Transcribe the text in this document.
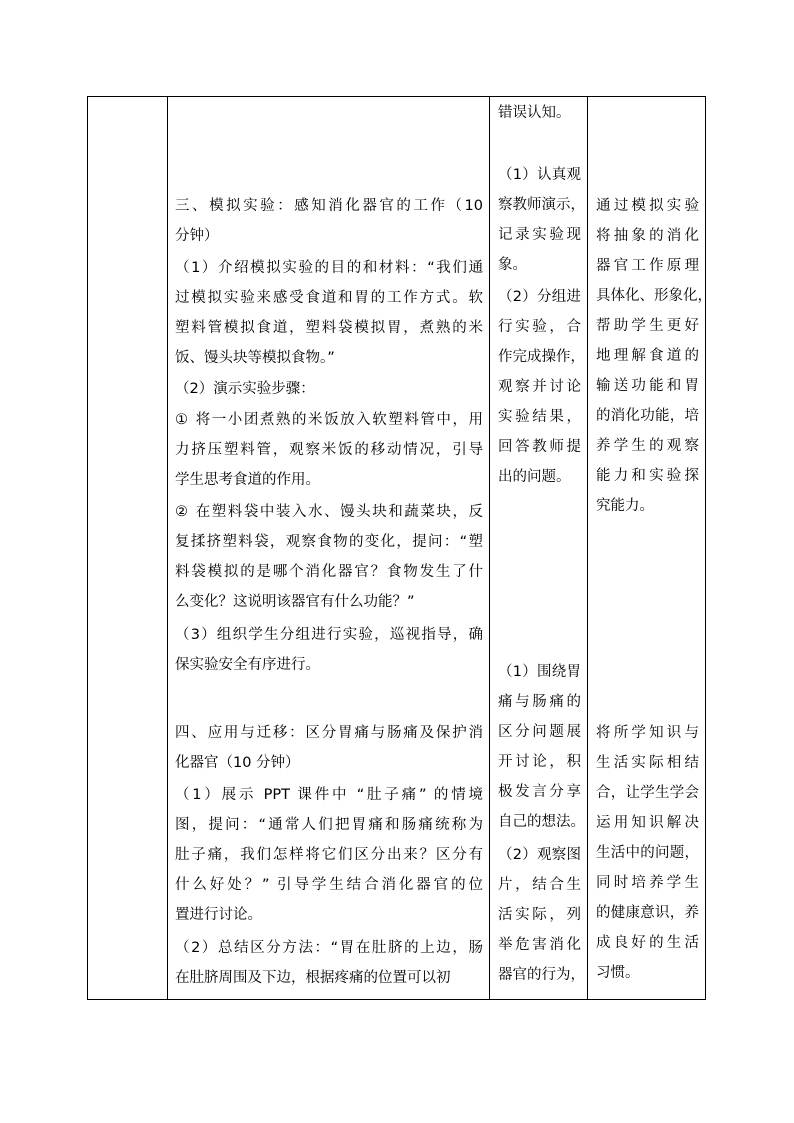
三、模拟实验：感知消化器官的工作（10
分钟）
（1）介绍模拟实验的目的和材料：“我们通
过模拟实验来感受食道和胃的工作方式。软
塑料管模拟食道，塑料袋模拟胃，煮熟的米
饭、馒头块等模拟食物。”
（2）演示实验步骤：
① 将一小团煮熟的米饭放入软塑料管中，用
力挤压塑料管，观察米饭的移动情况，引导
学生思考食道的作用。
② 在塑料袋中装入水、馒头块和蔬菜块，反
复揉挤塑料袋，观察食物的变化，提问：“塑
料袋模拟的是哪个消化器官？食物发生了什
么变化？这说明该器官有什么功能？”
（3）组织学生分组进行实验，巡视指导，确
保实验安全有序进行。
四、应用与迁移：区分胃痛与肠痛及保护消
化器官（10 分钟）
（1）展示 PPT 课件中 “肚子痛” 的情境
图，提问：“通常人们把胃痛和肠痛统称为
肚子痛，我们怎样将它们区分出来？区分有
什么好处？” 引导学生结合消化器官的位
置进行讨论。
（2）总结区分方法：“胃在肚脐的上边，肠
在肚脐周围及下边，根据疼痛的位置可以初
错误认知。
（1）认真观
察教师演示，
记录实验现
象。
（2）分组进
行实验，合
作完成操作，
观察并讨论
实验结果，
回答教师提
出的问题。
（1）围绕胃
痛与肠痛的
区分问题展
开讨论，积
极发言分享
自己的想法。
（2）观察图
片，结合生
活实际，列
举危害消化
器官的行为，
通过模拟实验
将抽象的消化
器官工作原理
具体化、形象化，
帮助学生更好
地理解食道的
输送功能和胃
的消化功能，培
养学生的观察
能力和实验探
究能力。
将所学知识与
生活实际相结
合，让学生学会
运用知识解决
生活中的问题，
同时培养学生
的健康意识，养
成良好的生活
习惯。
